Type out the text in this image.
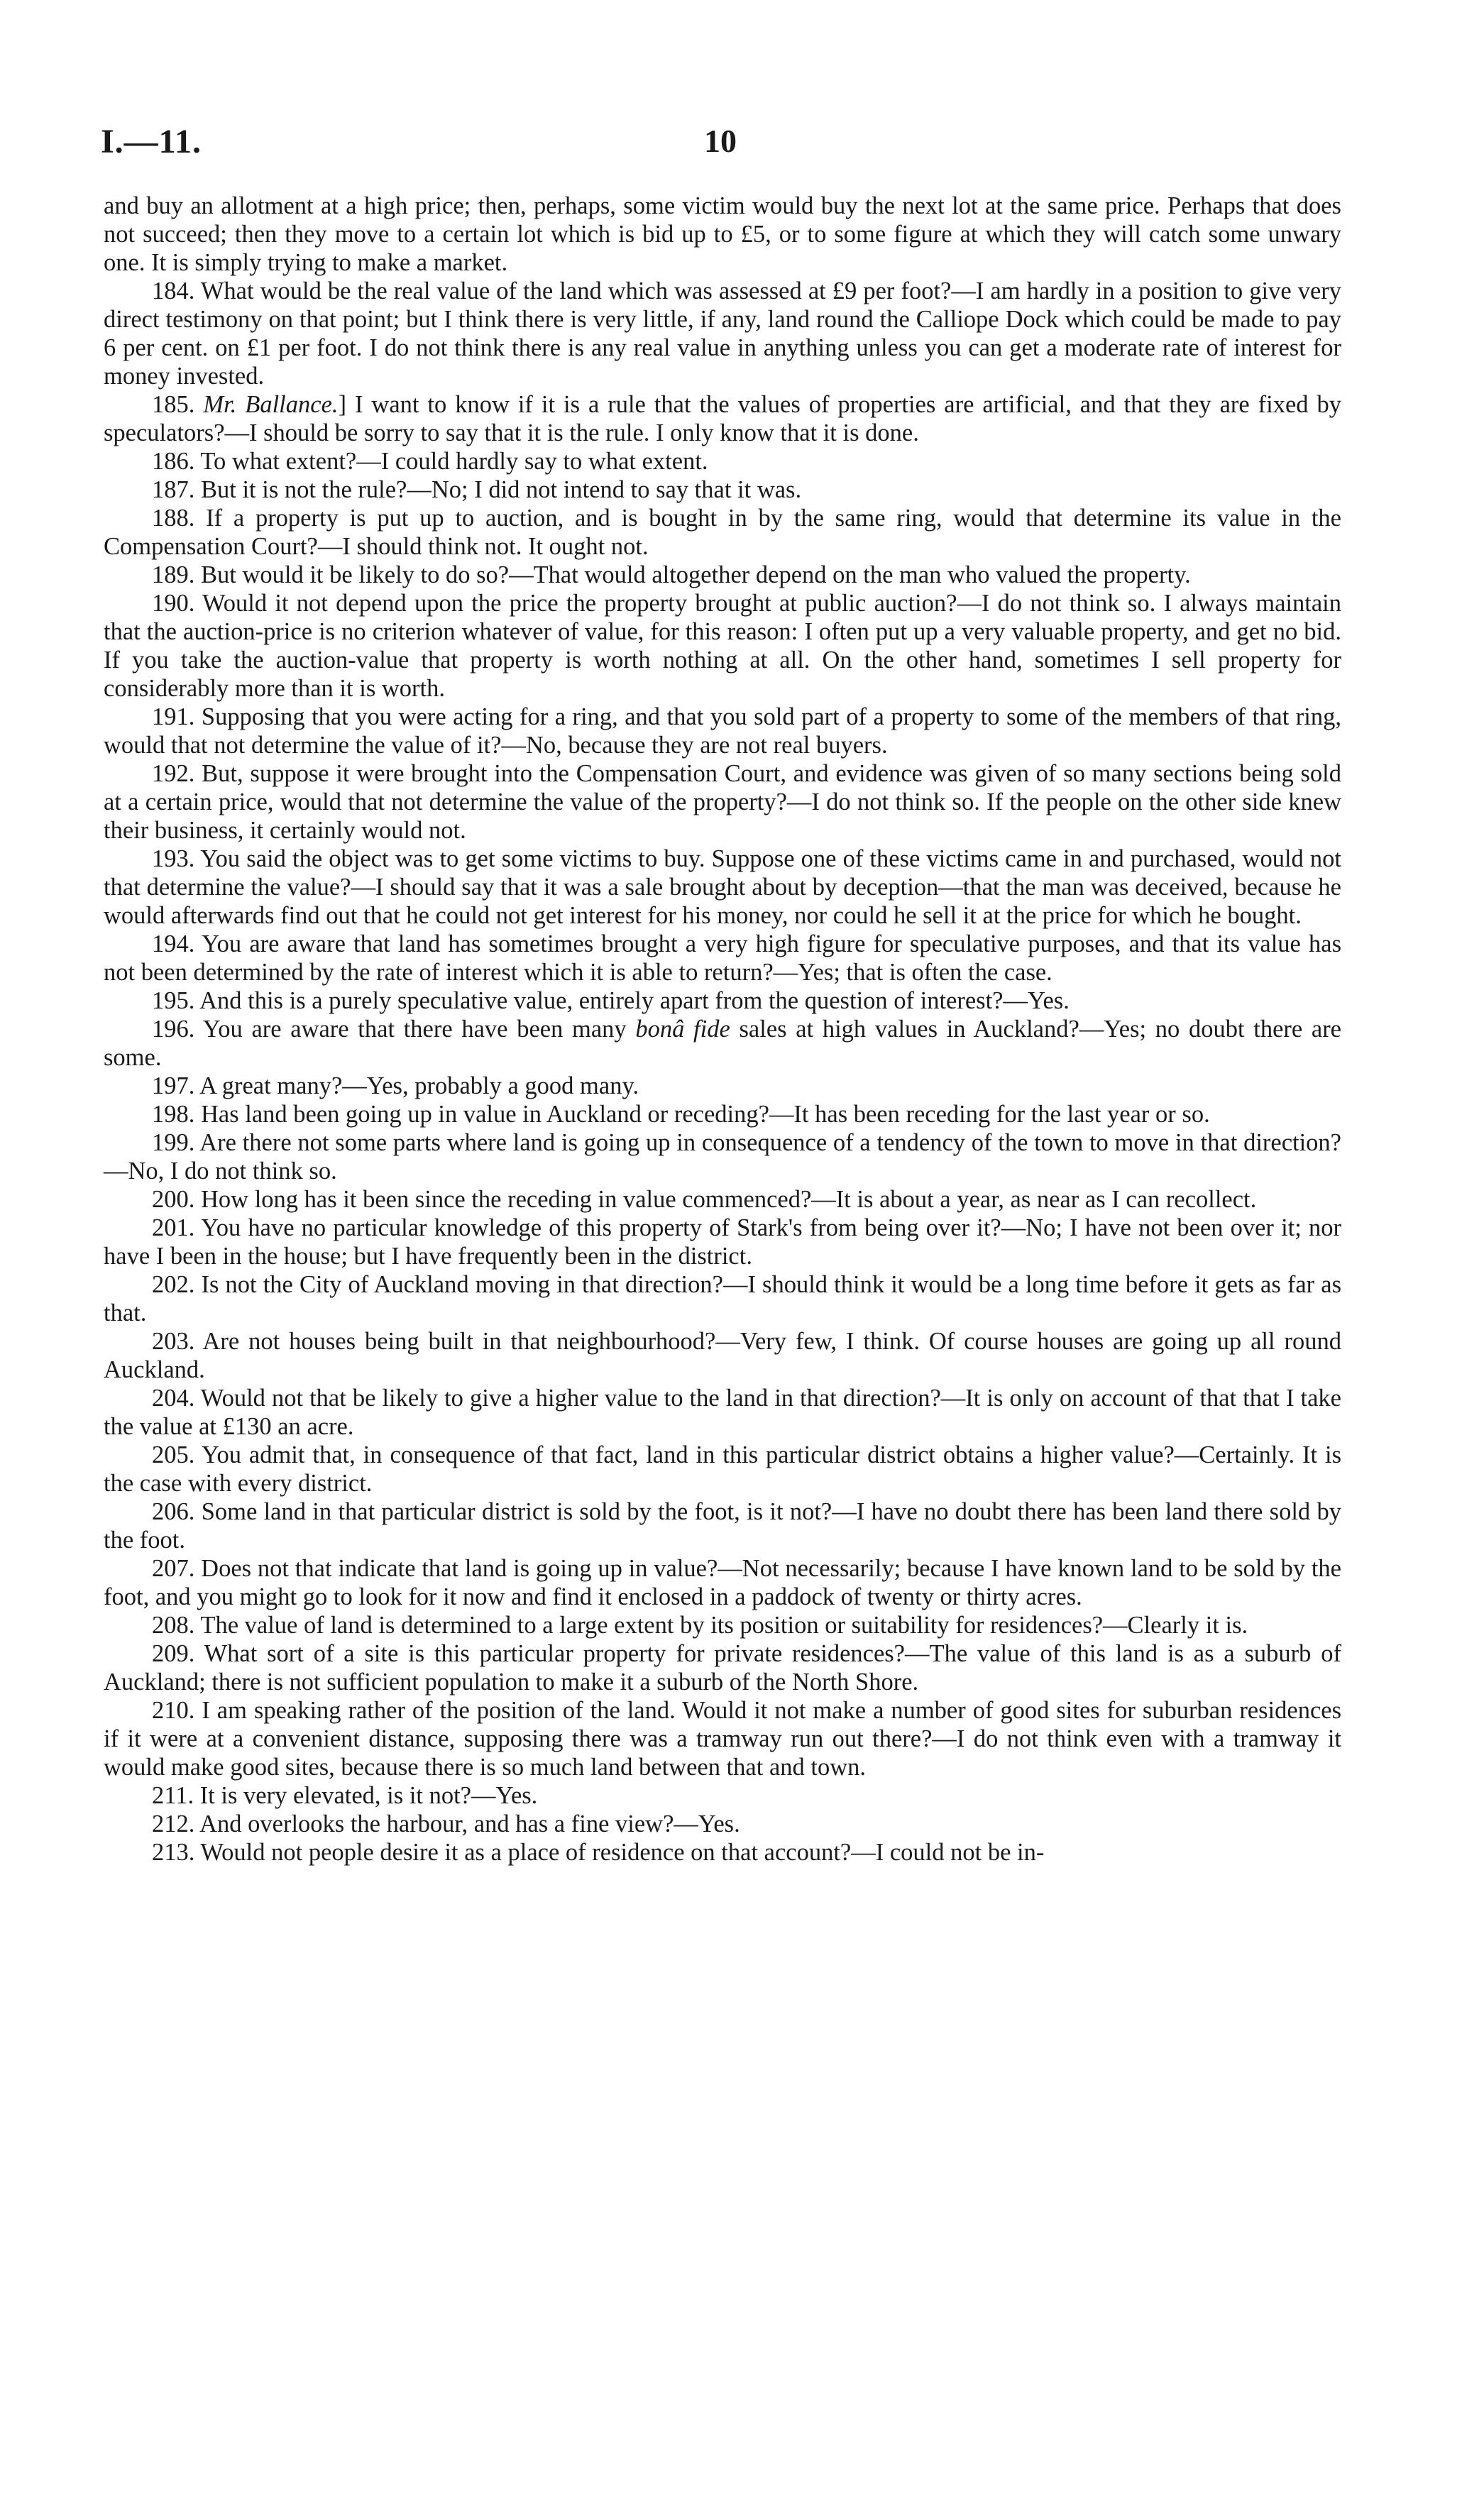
I.—11.	10

and buy an allotment at a high price; then, perhaps, some victim would buy the next lot at the same price. Perhaps that does not succeed; then they move to a certain lot which is bid up to £5, or to some figure at which they will catch some unwary one. It is simply trying to make a market.

184. What would be the real value of the land which was assessed at £9 per foot?—I am hardly in a position to give very direct testimony on that point; but I think there is very little, if any, land round the Calliope Dock which could be made to pay 6 per cent. on £1 per foot. I do not think there is any real value in anything unless you can get a moderate rate of interest for money invested.

185. Mr. Ballance.] I want to know if it is a rule that the values of properties are artificial, and that they are fixed by speculators?—I should be sorry to say that it is the rule. I only know that it is done.

186. To what extent?—I could hardly say to what extent.

187. But it is not the rule?—No; I did not intend to say that it was.

188. If a property is put up to auction, and is bought in by the same ring, would that determine its value in the Compensation Court?—I should think not. It ought not.

189. But would it be likely to do so?—That would altogether depend on the man who valued the property.

190. Would it not depend upon the price the property brought at public auction?—I do not think so. I always maintain that the auction-price is no criterion whatever of value, for this reason: I often put up a very valuable property, and get no bid. If you take the auction-value that property is worth nothing at all. On the other hand, sometimes I sell property for considerably more than it is worth.

191. Supposing that you were acting for a ring, and that you sold part of a property to some of the members of that ring, would that not determine the value of it?—No, because they are not real buyers.

192. But, suppose it were brought into the Compensation Court, and evidence was given of so many sections being sold at a certain price, would that not determine the value of the property?—I do not think so. If the people on the other side knew their business, it certainly would not.

193. You said the object was to get some victims to buy. Suppose one of these victims came in and purchased, would not that determine the value?—I should say that it was a sale brought about by deception—that the man was deceived, because he would afterwards find out that he could not get interest for his money, nor could he sell it at the price for which he bought.

194. You are aware that land has sometimes brought a very high figure for speculative purposes, and that its value has not been determined by the rate of interest which it is able to return?—Yes; that is often the case.

195. And this is a purely speculative value, entirely apart from the question of interest?—Yes.

196. You are aware that there have been many bonâ fide sales at high values in Auckland?—Yes; no doubt there are some.

197. A great many?—Yes, probably a good many.

198. Has land been going up in value in Auckland or receding?—It has been receding for the last year or so.

199. Are there not some parts where land is going up in consequence of a tendency of the town to move in that direction?—No, I do not think so.

200. How long has it been since the receding in value commenced?—It is about a year, as near as I can recollect.

201. You have no particular knowledge of this property of Stark's from being over it?—No; I have not been over it; nor have I been in the house; but I have frequently been in the district.

202. Is not the City of Auckland moving in that direction?—I should think it would be a long time before it gets as far as that.

203. Are not houses being built in that neighbourhood?—Very few, I think. Of course houses are going up all round Auckland.

204. Would not that be likely to give a higher value to the land in that direction?—It is only on account of that that I take the value at £130 an acre.

205. You admit that, in consequence of that fact, land in this particular district obtains a higher value?—Certainly. It is the case with every district.

206. Some land in that particular district is sold by the foot, is it not?—I have no doubt there has been land there sold by the foot.

207. Does not that indicate that land is going up in value?—Not necessarily; because I have known land to be sold by the foot, and you might go to look for it now and find it enclosed in a paddock of twenty or thirty acres.

208. The value of land is determined to a large extent by its position or suitability for residences?—Clearly it is.

209. What sort of a site is this particular property for private residences?—The value of this land is as a suburb of Auckland; there is not sufficient population to make it a suburb of the North Shore.

210. I am speaking rather of the position of the land. Would it not make a number of good sites for suburban residences if it were at a convenient distance, supposing there was a tramway run out there?—I do not think even with a tramway it would make good sites, because there is so much land between that and town.

211. It is very elevated, is it not?—Yes.

212. And overlooks the harbour, and has a fine view?—Yes.

213. Would not people desire it as a place of residence on that account?—I could not be in-
